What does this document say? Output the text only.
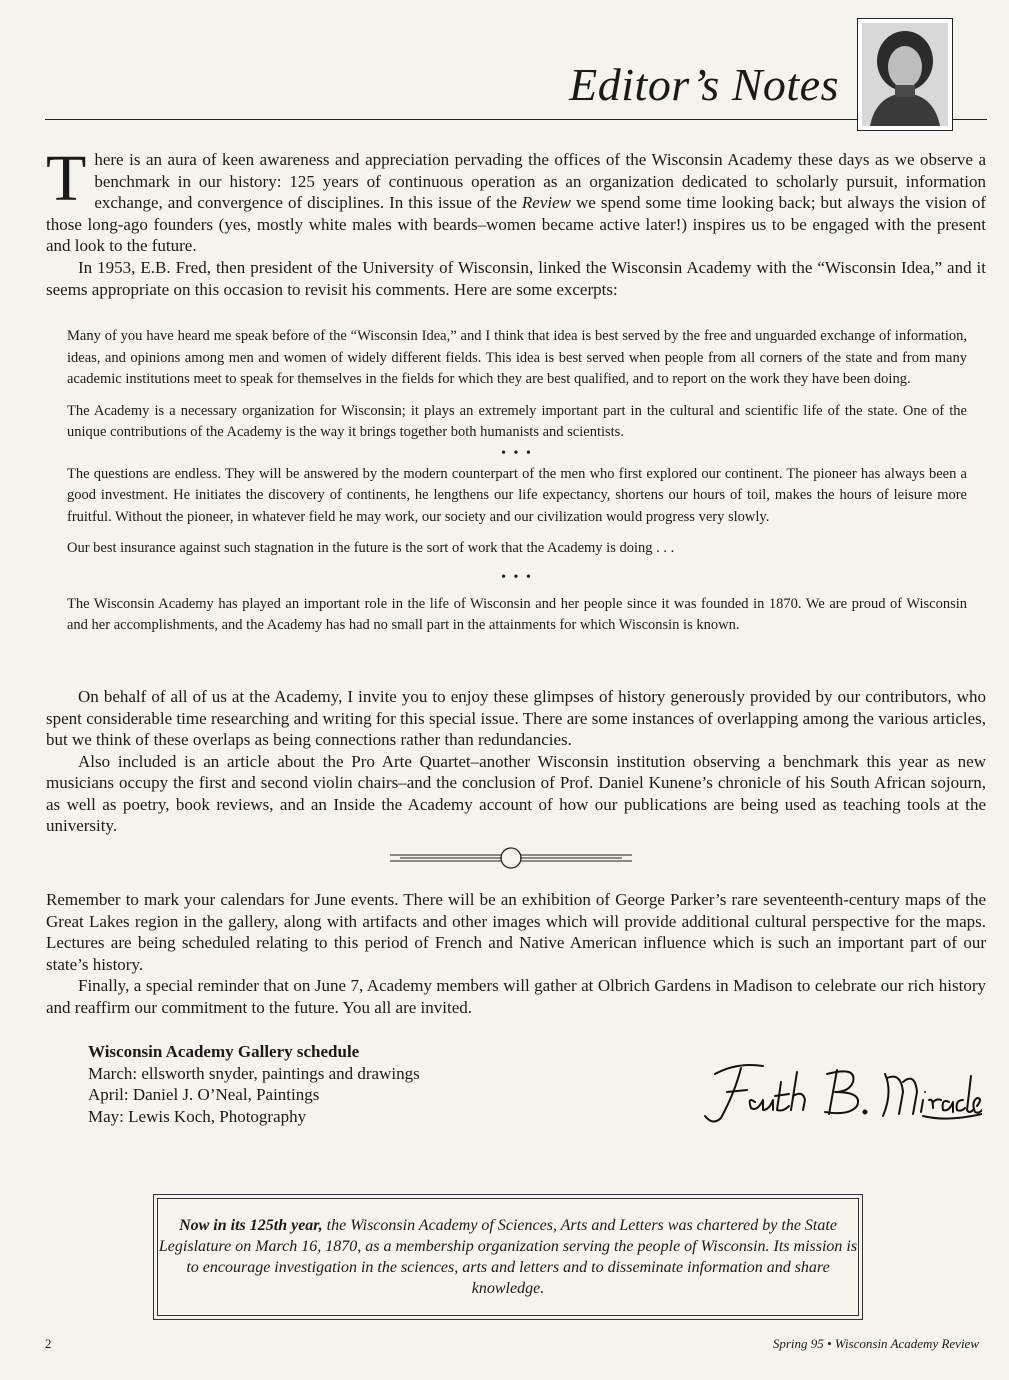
Editor’s Notes
There is an aura of keen awareness and appreciation pervading the offices of the Wisconsin Academy these days as we observe a benchmark in our history: 125 years of continuous operation as an organization dedicated to scholarly pursuit, information exchange, and convergence of disciplines. In this issue of the Review we spend some time looking back; but always the vision of those long-ago founders (yes, mostly white males with beards–women became active later!) inspires us to be engaged with the present and look to the future.

In 1953, E.B. Fred, then president of the University of Wisconsin, linked the Wisconsin Academy with the “Wisconsin Idea,” and it seems appropriate on this occasion to revisit his comments. Here are some excerpts:

Many of you have heard me speak before of the “Wisconsin Idea,” and I think that idea is best served by the free and unguarded exchange of information, ideas, and opinions among men and women of widely different fields. This idea is best served when people from all corners of the state and from many academic institutions meet to speak for themselves in the fields for which they are best qualified, and to report on the work they have been doing.

The Academy is a necessary organization for Wisconsin; it plays an extremely important part in the cultural and scientific life of the state. One of the unique contributions of the Academy is the way it brings together both humanists and scientists.

• • •

The questions are endless. They will be answered by the modern counterpart of the men who first explored our continent. The pioneer has always been a good investment. He initiates the discovery of continents, he lengthens our life expectancy, shortens our hours of toil, makes the hours of leisure more fruitful. Without the pioneer, in whatever field he may work, our society and our civilization would progress very slowly.

Our best insurance against such stagnation in the future is the sort of work that the Academy is doing . . .

• • •

The Wisconsin Academy has played an important role in the life of Wisconsin and her people since it was founded in 1870. We are proud of Wisconsin and her accomplishments, and the Academy has had no small part in the attainments for which Wisconsin is known.

On behalf of all of us at the Academy, I invite you to enjoy these glimpses of history generously provided by our contributors, who spent considerable time researching and writing for this special issue. There are some instances of overlapping among the various articles, but we think of these overlaps as being connections rather than redundancies.

Also included is an article about the Pro Arte Quartet–another Wisconsin institution observing a benchmark this year as new musicians occupy the first and second violin chairs–and the conclusion of Prof. Daniel Kunene’s chronicle of his South African sojourn, as well as poetry, book reviews, and an Inside the Academy account of how our publications are being used as teaching tools at the university.

Remember to mark your calendars for June events. There will be an exhibition of George Parker’s rare seventeenth-century maps of the Great Lakes region in the gallery, along with artifacts and other images which will provide additional cultural perspective for the maps. Lectures are being scheduled relating to this period of French and Native American influence which is such an important part of our state’s history.

Finally, a special reminder that on June 7, Academy members will gather at Olbrich Gardens in Madison to celebrate our rich history and reaffirm our commitment to the future. You all are invited.

Wisconsin Academy Gallery schedule
March: ellsworth snyder, paintings and drawings
April: Daniel J. O’Neal, Paintings
May: Lewis Koch, Photography
Now in its 125th year, the Wisconsin Academy of Sciences, Arts and Letters was chartered by the State Legislature on March 16, 1870, as a membership organization serving the people of Wisconsin. Its mission is to encourage investigation in the sciences, arts and letters and to disseminate information and share knowledge.
2	Spring 95 • Wisconsin Academy Review
